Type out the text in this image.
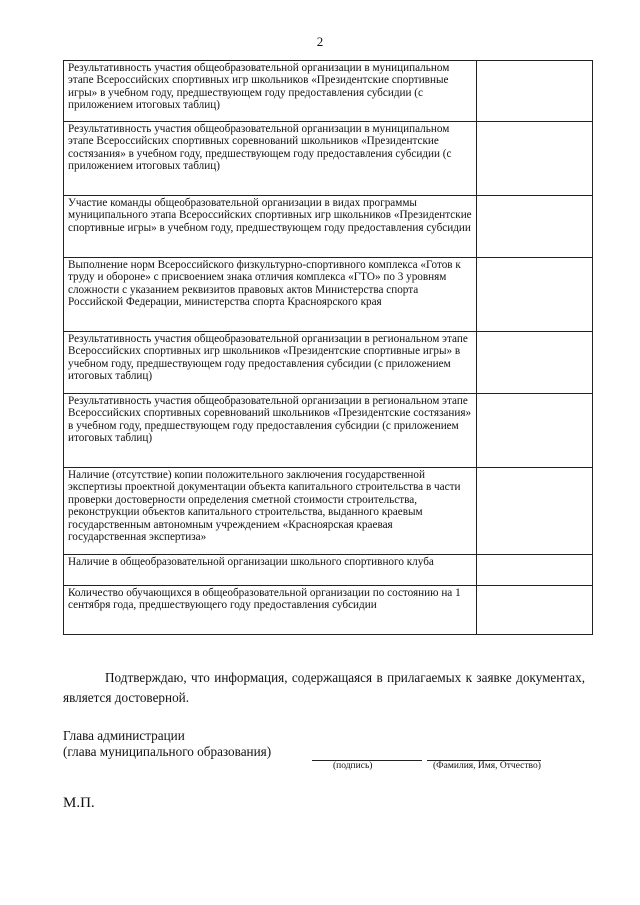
2
Результативность участия общеобразовательной организации в муниципальном этапе Всероссийских спортивных игр школьников «Президентские спортивные игры» в учебном году, предшествующем году предоставления субсидии (с приложением итоговых таблиц)	
Результативность участия общеобразовательной организации в муниципальном этапе Всероссийских спортивных соревнований школьников «Президентские состязания» в учебном году, предшествующем году предоставления субсидии (с приложением итоговых таблиц)	
Участие команды общеобразовательной организации в видах программы муниципального этапа Всероссийских спортивных игр школьников «Президентские спортивные игры» в учебном году, предшествующем году предоставления субсидии	
Выполнение норм Всероссийского физкультурно-спортивного комплекса «Готов к труду и обороне» с присвоением знака отличия комплекса «ГТО» по 3 уровням сложности с указанием реквизитов правовых актов Министерства спорта Российской Федерации, министерства спорта Красноярского края	
Результативность участия общеобразовательной организации в региональном этапе Всероссийских спортивных игр школьников «Президентские спортивные игры» в учебном году, предшествующем году предоставления субсидии (с приложением итоговых таблиц)	
Результативность участия общеобразовательной организации в региональном этапе Всероссийских спортивных соревнований школьников «Президентские состязания» в учебном году, предшествующем году предоставления субсидии (с приложением итоговых таблиц)	
Наличие (отсутствие) копии положительного заключения государственной экспертизы проектной документации объекта капитального строительства в части проверки достоверности определения сметной стоимости строительства, реконструкции объектов капитального строительства, выданного краевым государственным автономным учреждением «Красноярская краевая государственная экспертиза»	
Наличие в общеобразовательной организации школьного спортивного клуба	
Количество обучающихся в общеобразовательной организации по состоянию на 1 сентября года, предшествующего году предоставления субсидии	
Подтверждаю, что информация, содержащаяся в прилагаемых к заявке документах, является достоверной.
Глава администрации
(глава муниципального образования)
(подпись)	(Фамилия, Имя, Отчество)
М.П.
